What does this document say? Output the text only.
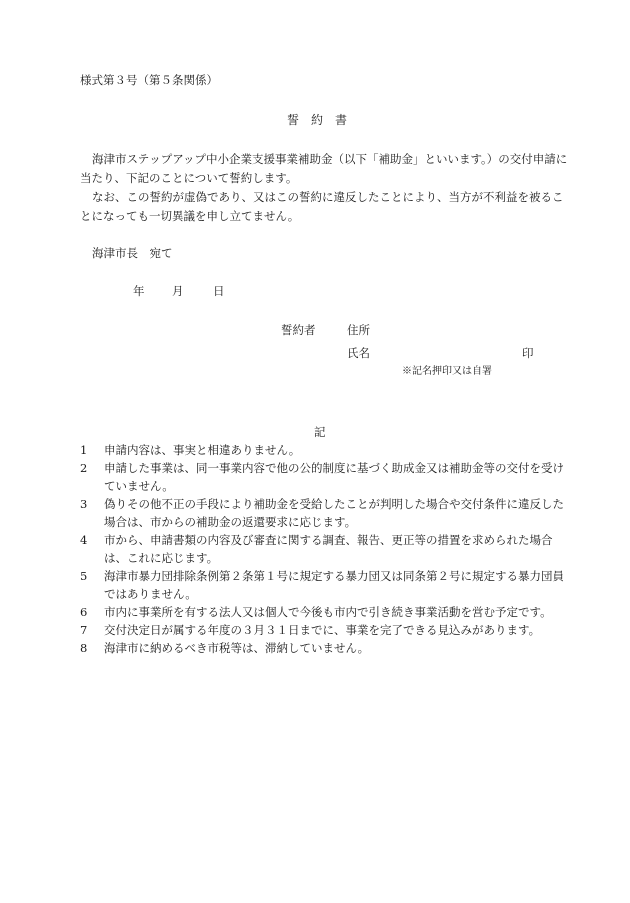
様式第３号（第５条関係）
誓　約　書

海津市ステップアップ中小企業支援事業補助金（以下「補助金」といいます。）の交付申請に当たり、下記のことについて誓約します。

なお、この誓約が虚偽であり、又はこの誓約に違反したことにより、当方が不利益を被ることになっても一切異議を申し立てません。

海津市長　宛て
年 月	日
誓約者	住所
氏名	印
※記名押印又は自署
記
1	申請内容は、事実と相違ありません。
2	申請した事業は、同一事業内容で他の公的制度に基づく助成金又は補助金等の交付を受けていません。
3	偽りその他不正の手段により補助金を受給したことが判明した場合や交付条件に違反した場合は、市からの補助金の返還要求に応じます。
4	市から、申請書類の内容及び審査に関する調査、報告、更正等の措置を求められた場合は、これに応じます。
5	海津市暴力団排除条例第２条第１号に規定する暴力団又は同条第２号に規定する暴力団員ではありません。
6	市内に事業所を有する法人又は個人で今後も市内で引き続き事業活動を営む予定です。
7	交付決定日が属する年度の３月３１日までに、事業を完了できる見込みがあります。
8	海津市に納めるべき市税等は、滞納していません。
